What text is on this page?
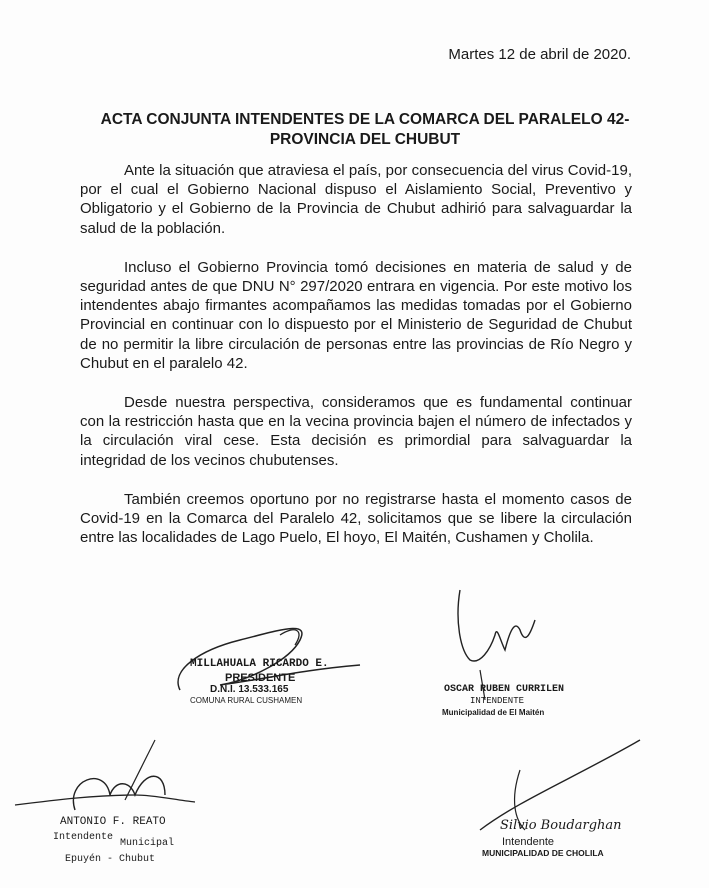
Martes 12 de abril de 2020.
ACTA CONJUNTA INTENDENTES DE LA COMARCA DEL PARALELO 42-
PROVINCIA DEL CHUBUT

Ante la situación que atraviesa el país, por consecuencia del virus Covid-19, por el cual el Gobierno Nacional dispuso el Aislamiento Social, Preventivo y Obligatorio y el Gobierno de la Provincia de Chubut adhirió para salvaguardar la salud de la población.

Incluso el Gobierno Provincia tomó decisiones en materia de salud y de seguridad antes de que DNU N° 297/2020 entrara en vigencia. Por este motivo los intendentes abajo firmantes acompañamos las medidas tomadas por el Gobierno Provincial en continuar con lo dispuesto por el Ministerio de Seguridad de Chubut de no permitir la libre circulación de personas entre las provincias de Río Negro y Chubut en el paralelo 42.

Desde nuestra perspectiva, consideramos que es fundamental continuar con la restricción hasta que en la vecina provincia bajen el número de infectados y la circulación viral cese. Esta decisión es primordial para salvaguardar la integridad de los vecinos chubutenses.

También creemos oportuno por no registrarse hasta el momento casos de Covid-19 en la Comarca del Paralelo 42, solicitamos que se libere la circulación entre las localidades de Lago Puelo, El hoyo, El Maitén, Cushamen y Cholila.

MILLAHUALA RICARDO E.
PRESIDENTE
D.N.I. 13.533.165
COMUNA RURAL CUSHAMEN
OSCAR RUBEN CURRILEN
INTENDENTE
Municipalidad de El Maitén
ANTONIO F. REATO
Intendente
Municipal
Epuyén - Chubut
Silvio Boudarghan
Intendente
MUNICIPALIDAD DE CHOLILA
